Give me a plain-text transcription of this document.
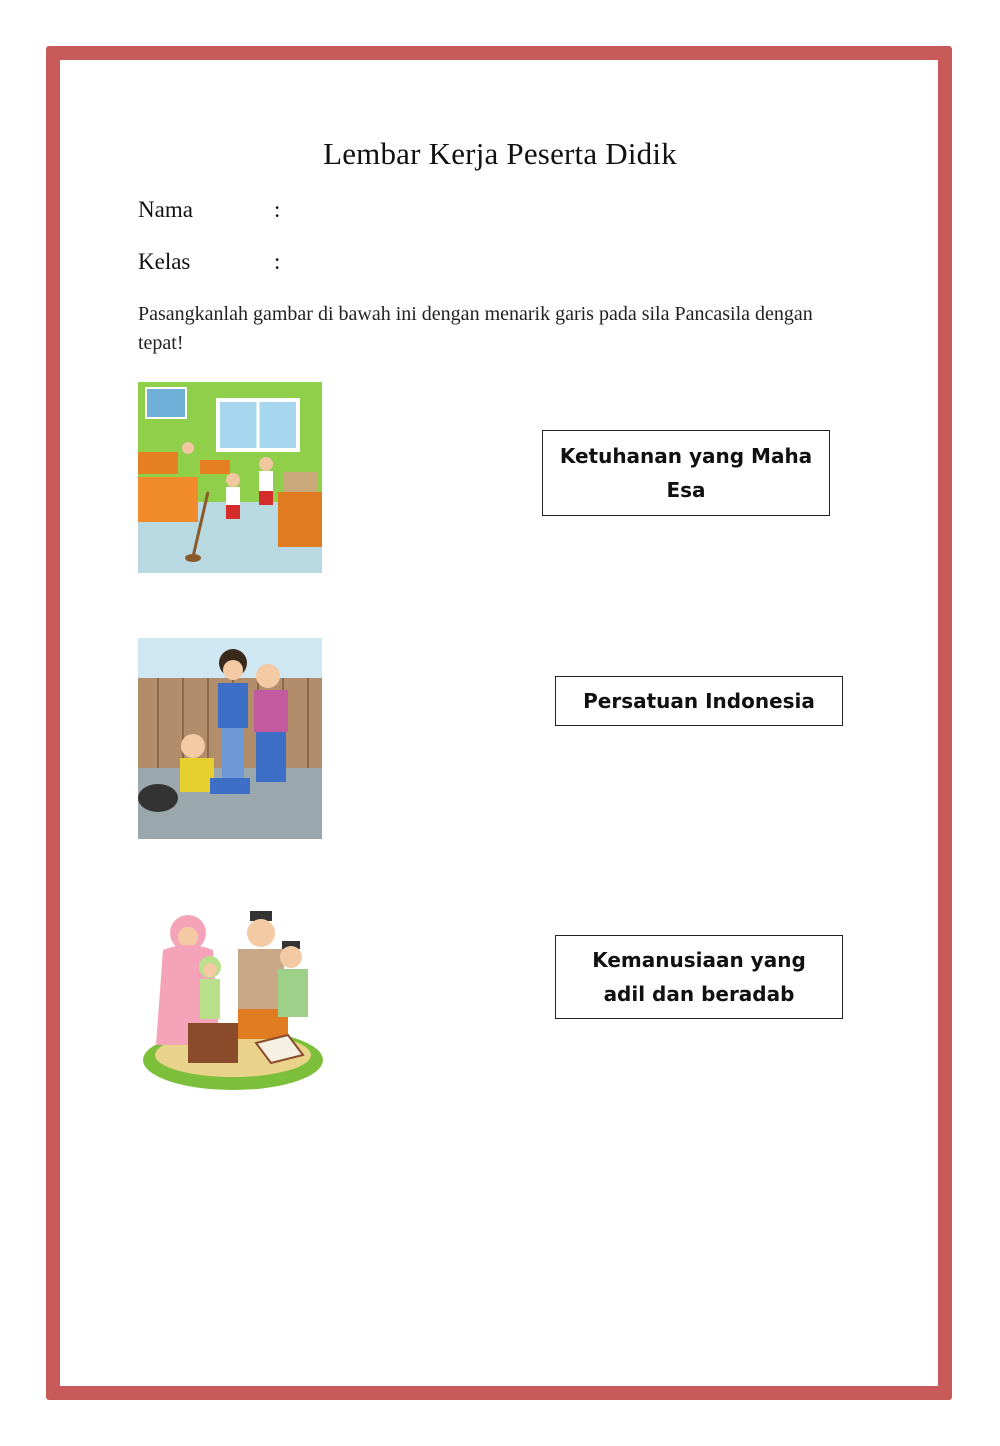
Lembar Kerja Peserta Didik
Nama	:
Kelas	:
Pasangkanlah gambar di bawah ini dengan menarik garis pada sila Pancasila dengan tepat!
Ketuhanan yang Maha Esa
Persatuan Indonesia
Kemanusiaan yang adil dan beradab
